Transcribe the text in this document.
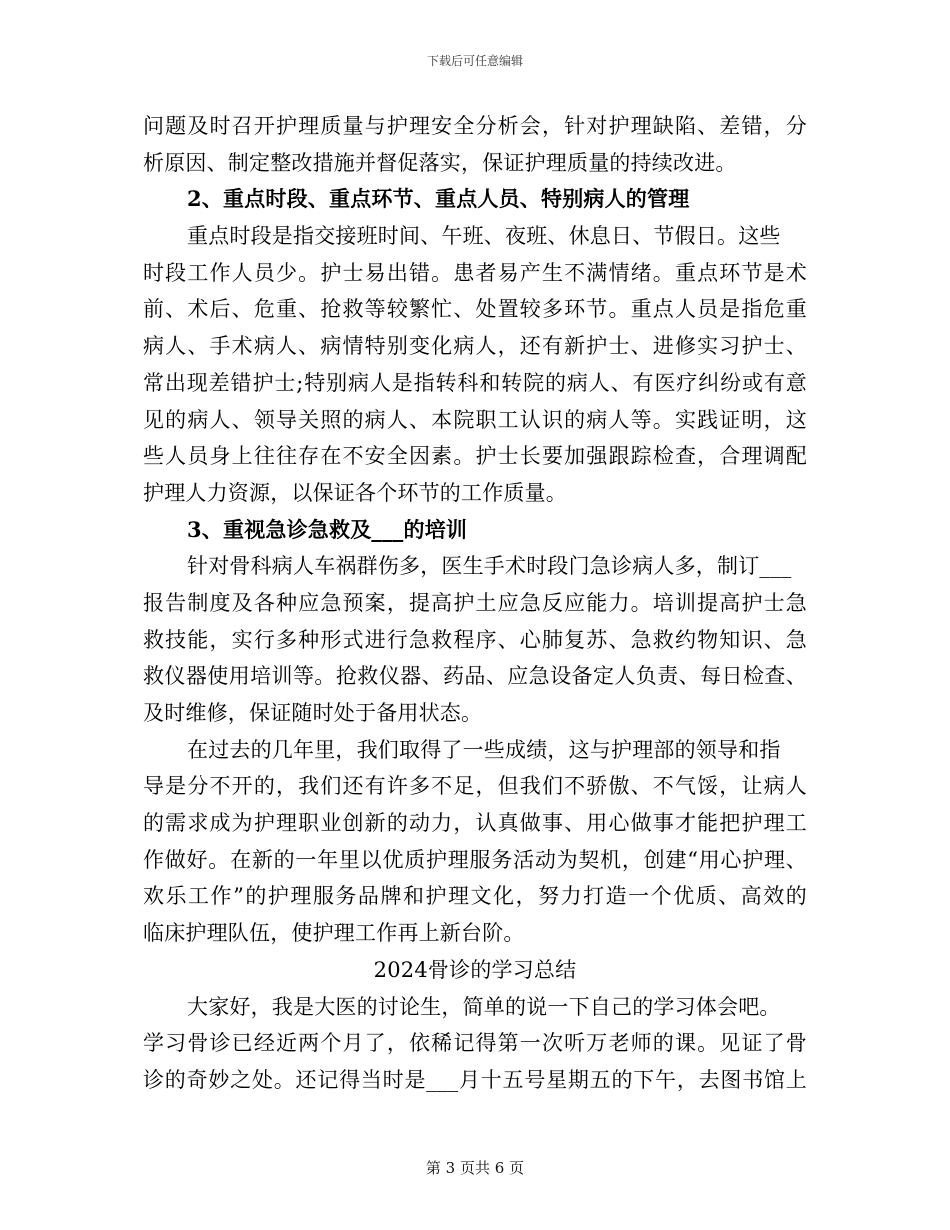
下载后可任意编辑
问题及时召开护理质量与护理安全分析会，针对护理缺陷、差错，分
析原因、制定整改措施并督促落实，保证护理质量的持续改进。
2、重点时段、重点环节、重点人员、特别病人的管理
重点时段是指交接班时间、午班、夜班、休息日、节假日。这些
时段工作人员少。护士易出错。患者易产生不满情绪。重点环节是术
前、术后、危重、抢救等较繁忙、处置较多环节。重点人员是指危重
病人、手术病人、病情特别变化病人，还有新护士、进修实习护士、
常出现差错护士;特别病人是指转科和转院的病人、有医疗纠纷或有意
见的病人、领导关照的病人、本院职工认识的病人等。实践证明，这
些人员身上往往存在不安全因素。护士长要加强跟踪检查，合理调配
护理人力资源，以保证各个环节的工作质量。
3、重视急诊急救及___的培训
针对骨科病人车祸群伤多，医生手术时段门急诊病人多，制订___
报告制度及各种应急预案，提高护土应急反应能力。培训提高护士急
救技能，实行多种形式进行急救程序、心肺复苏、急救约物知识、急
救仪器使用培训等。抢救仪器、药品、应急设备定人负责、每日检查、
及时维修，保证随时处于备用状态。
在过去的几年里，我们取得了一些成绩，这与护理部的领导和指
导是分不开的，我们还有许多不足，但我们不骄傲、不气馁，让病人
的需求成为护理职业创新的动力，认真做事、用心做事才能把护理工
作做好。在新的一年里以优质护理服务活动为契机，创建“用心护理、
欢乐工作”的护理服务品牌和护理文化，努力打造一个优质、高效的
临床护理队伍，使护理工作再上新台阶。
2024骨诊的学习总结
大家好，我是大医的讨论生，简单的说一下自己的学习体会吧。
学习骨诊已经近两个月了，依稀记得第一次听万老师的课。见证了骨
诊的奇妙之处。还记得当时是___月十五号星期五的下午，去图书馆上
第 3 页共 6 页
